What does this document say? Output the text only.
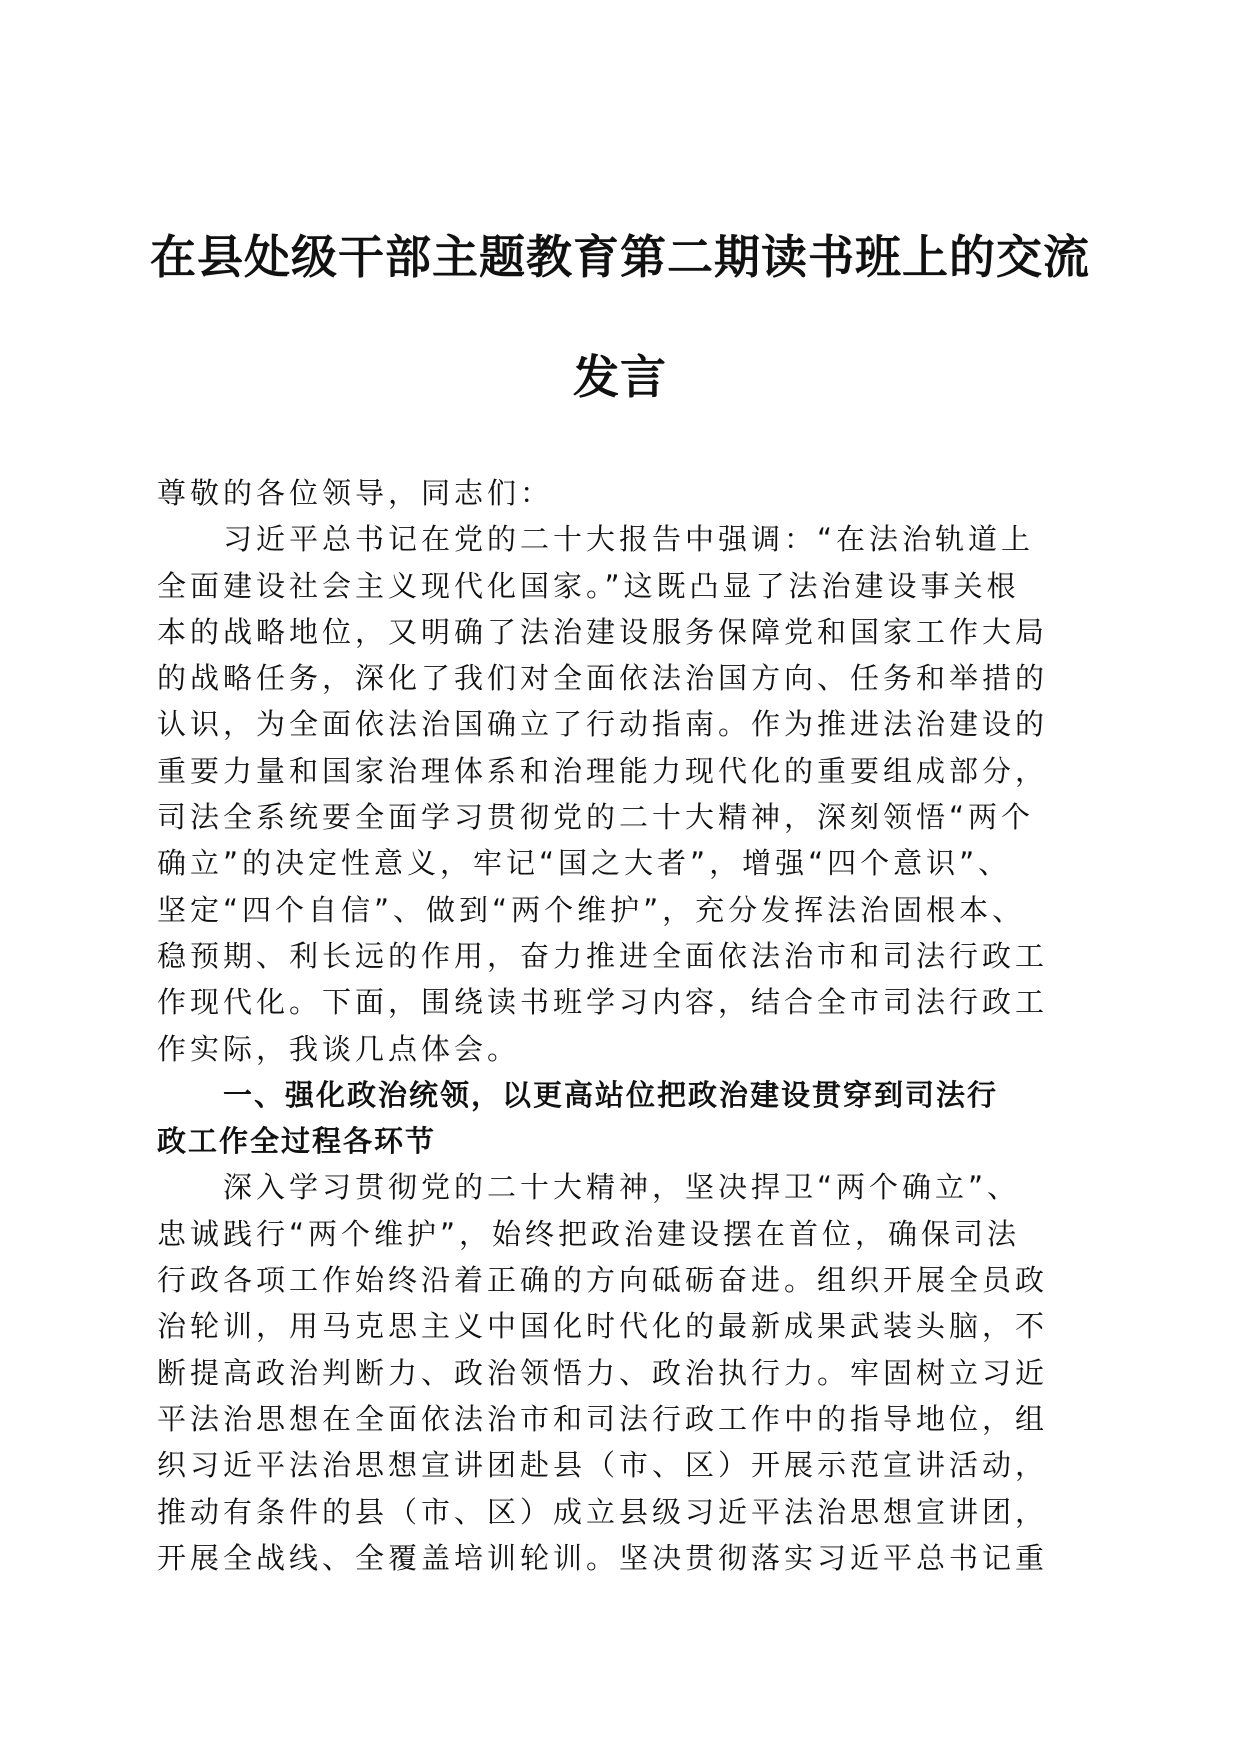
在县处级干部主题教育第二期读书班上的交流
发言
尊敬的各位领导，同志们：
习近平总书记在党的二十大报告中强调：“在法治轨道上
全面建设社会主义现代化国家。”这既凸显了法治建设事关根
本的战略地位，又明确了法治建设服务保障党和国家工作大局
的战略任务，深化了我们对全面依法治国方向、任务和举措的
认识，为全面依法治国确立了行动指南。作为推进法治建设的
重要力量和国家治理体系和治理能力现代化的重要组成部分，
司法全系统要全面学习贯彻党的二十大精神，深刻领悟“两个
确立”的决定性意义，牢记“国之大者”，增强“四个意识”、
坚定“四个自信”、做到“两个维护”，充分发挥法治固根本、
稳预期、利长远的作用，奋力推进全面依法治市和司法行政工
作现代化。下面，围绕读书班学习内容，结合全市司法行政工
作实际，我谈几点体会。
一、强化政治统领，以更高站位把政治建设贯穿到司法行
政工作全过程各环节
深入学习贯彻党的二十大精神，坚决捍卫“两个确立”、
忠诚践行“两个维护”，始终把政治建设摆在首位，确保司法
行政各项工作始终沿着正确的方向砥砺奋进。组织开展全员政
治轮训，用马克思主义中国化时代化的最新成果武装头脑，不
断提高政治判断力、政治领悟力、政治执行力。牢固树立习近
平法治思想在全面依法治市和司法行政工作中的指导地位，组
织习近平法治思想宣讲团赴县（市、区）开展示范宣讲活动，
推动有条件的县（市、区）成立县级习近平法治思想宣讲团，
开展全战线、全覆盖培训轮训。坚决贯彻落实习近平总书记重
